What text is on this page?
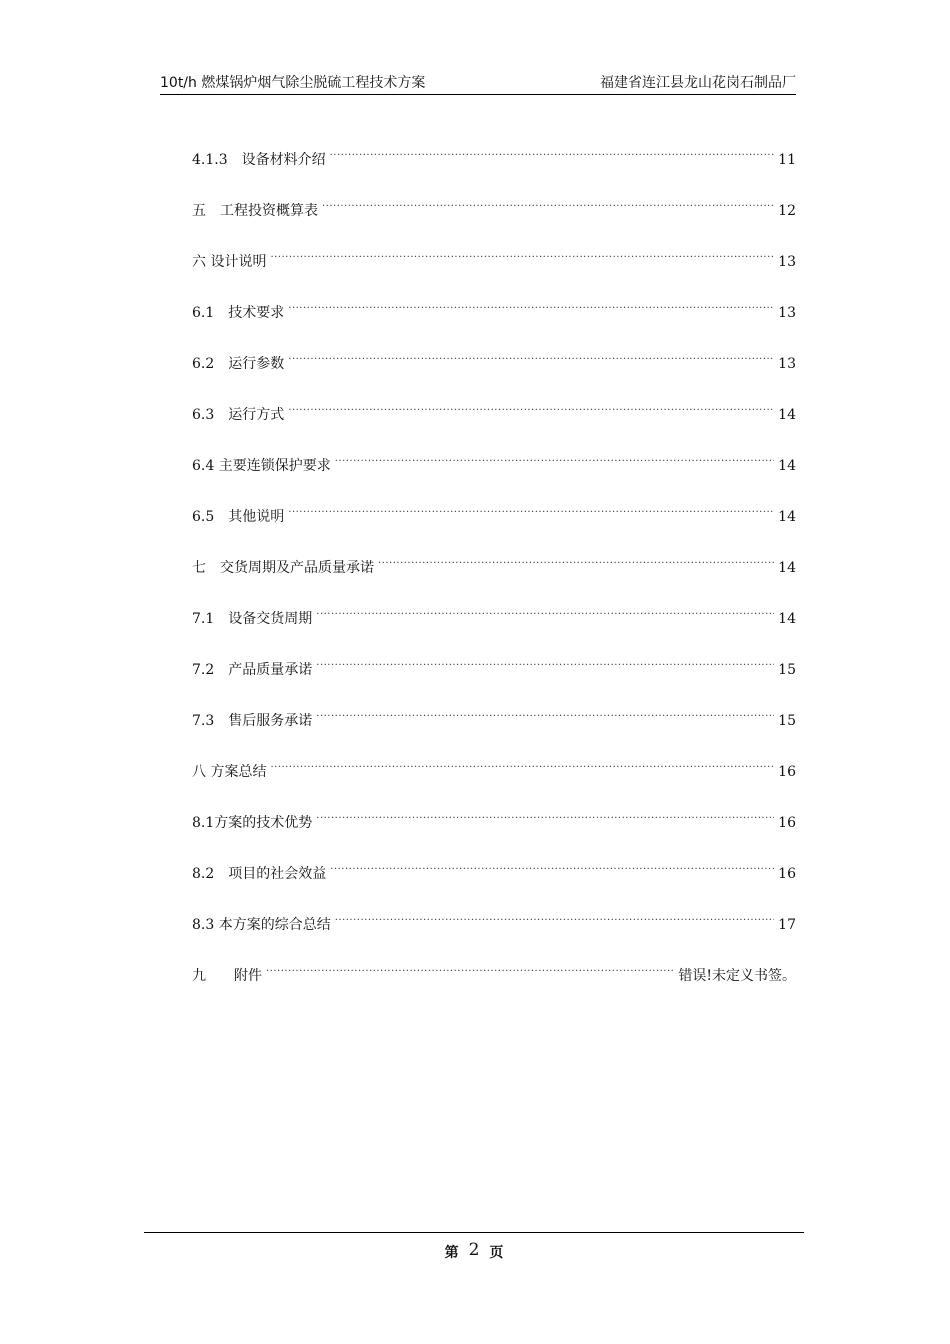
10t/h 燃煤锅炉烟气除尘脱硫工程技术方案	福建省连江县龙山花岗石制品厂
4.1.3　设备材料介绍 .....	11
五　工程投资概算表 .....	12
六 设计说明 .....	13
6.1　技术要求 .....	13
6.2　运行参数 .....	13
6.3　运行方式 .....	14
6.4 主要连锁保护要求 .....	14
6.5　其他说明 .....	14
七　交货周期及产品质量承诺 .....	14
7.1　设备交货周期 .....	14
7.2　产品质量承诺 .....	15
7.3　售后服务承诺 .....	15
八 方案总结 .....	16
8.1方案的技术优势 .....	16
8.2　项目的社会效益 .....	16
8.3 本方案的综合总结 .....	17
九　　附件 .....	错误!未定义书签。
第 2 页
